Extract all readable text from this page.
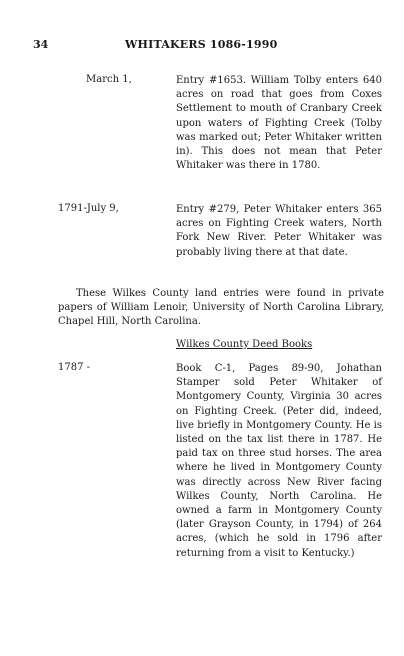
34	WHITAKERS 1086-1990
March 1,	Entry #1653. William Tolby enters 640 acres on road that goes from Coxes Settlement to mouth of Cranbary Creek upon waters of Fighting Creek (Tolby was marked out; Peter Whitaker written in). This does not mean that Peter Whitaker was there in 1780.
1791-July 9,	Entry #279, Peter Whitaker enters 365 acres on Fighting Creek waters, North Fork New River. Peter Whitaker was probably living there at that date.
These Wilkes County land entries were found in private papers of William Lenoir, University of North Carolina Library, Chapel Hill, North Carolina.
Wilkes County Deed Books
1787 -	Book C-1, Pages 89-90, Johathan Stamper sold Peter Whitaker of Montgomery County, Virginia 30 acres on Fighting Creek. (Peter did, indeed, live briefly in Montgomery County. He is listed on the tax list there in 1787. He paid tax on three stud horses. The area where he lived in Montgomery County was directly across New River facing Wilkes County, North Carolina. He owned a farm in Montgomery County (later Grayson County, in 1794) of 264 acres, (which he sold in 1796 after returning from a visit to Kentucky.)
